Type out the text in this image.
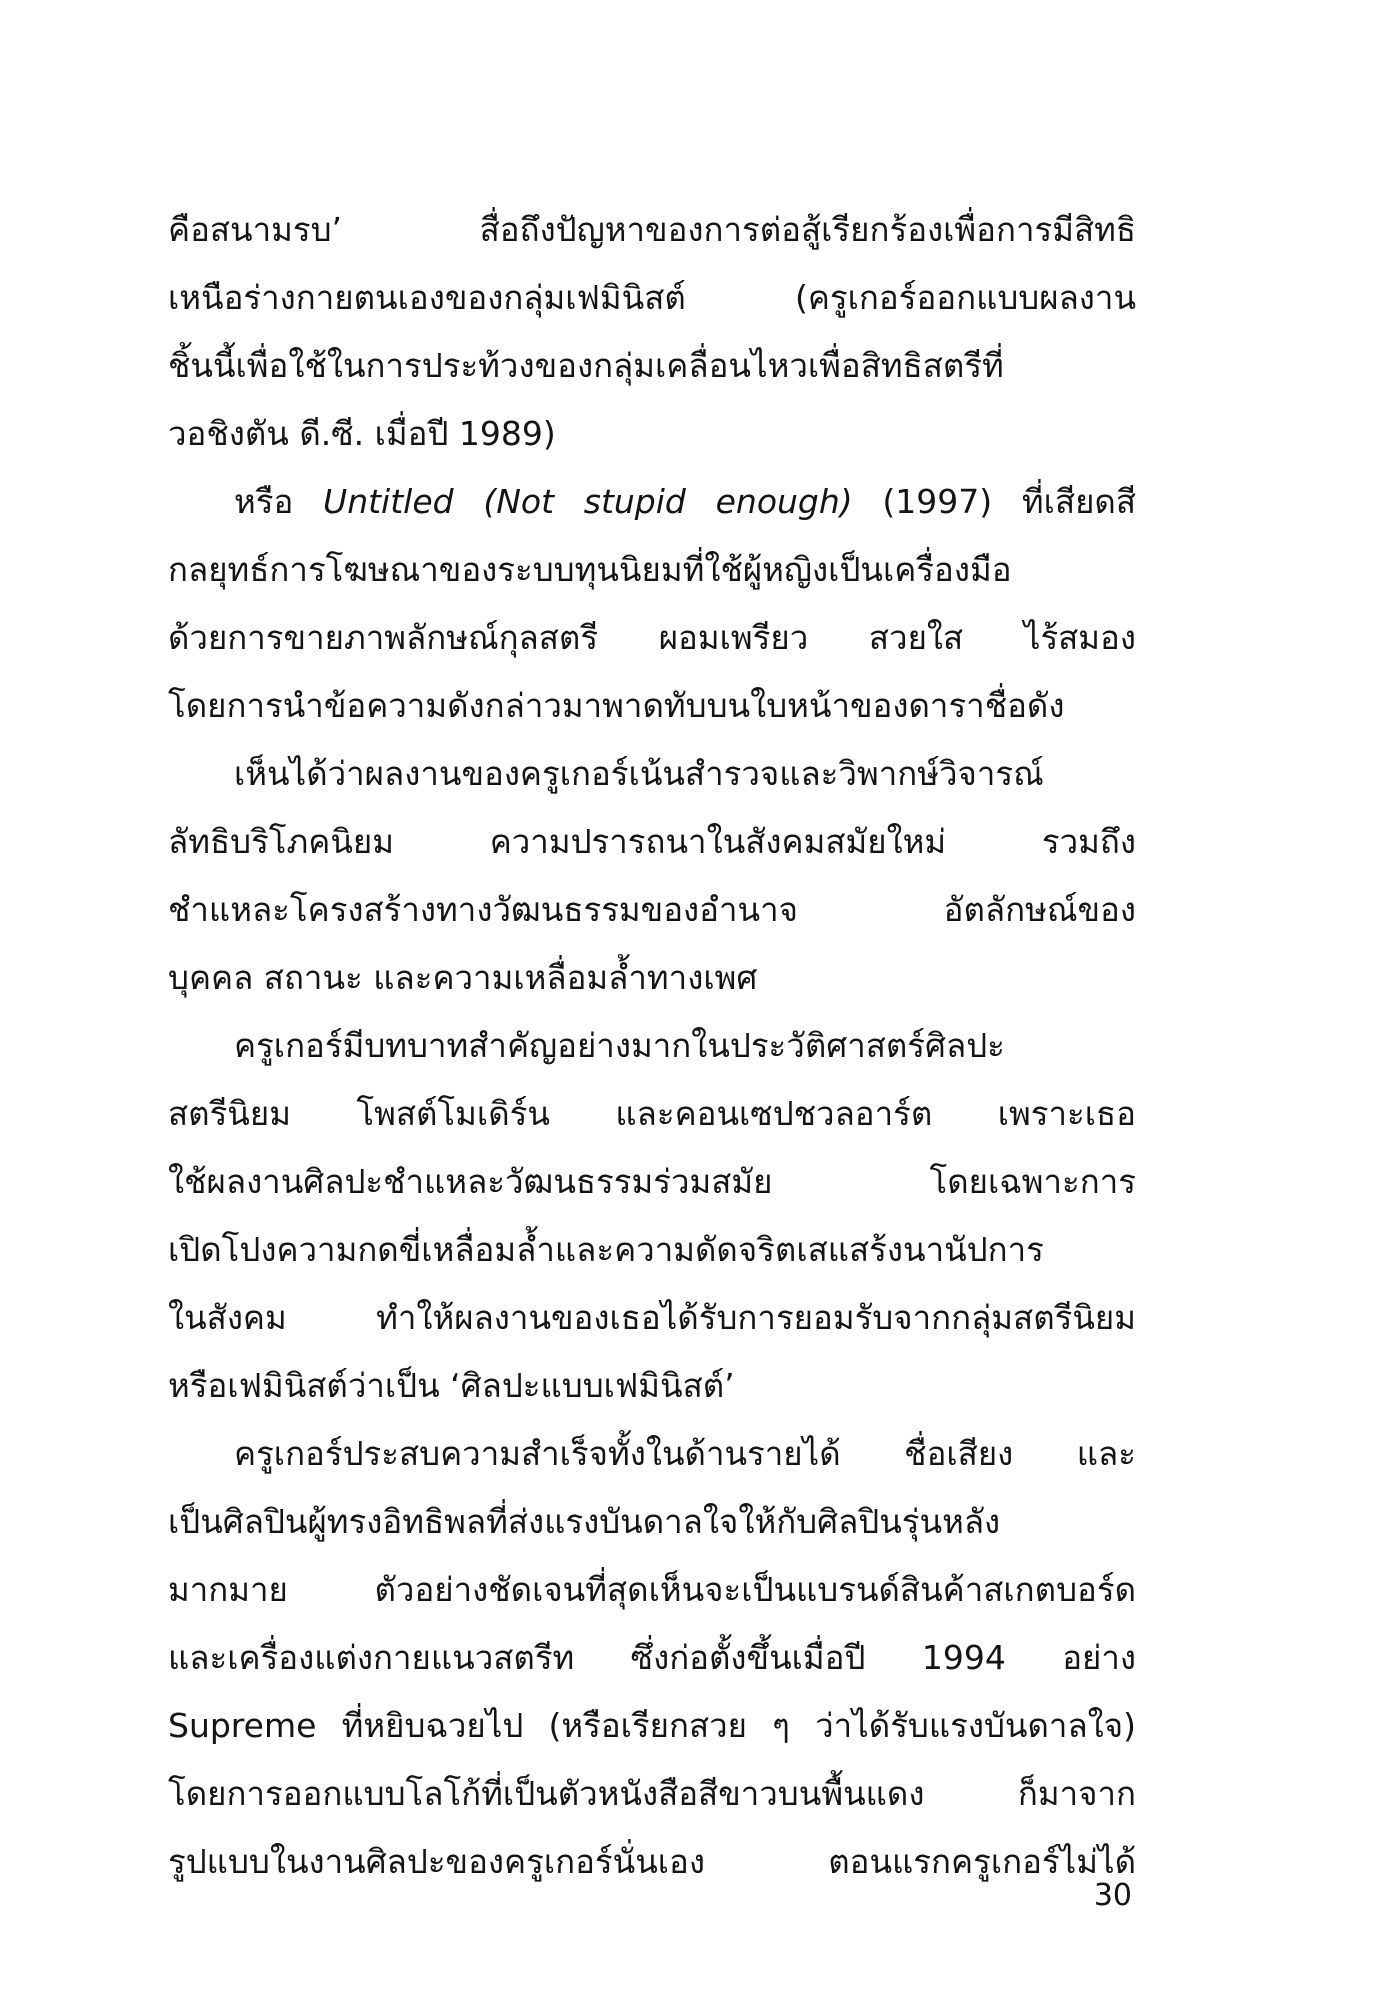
คือสนามรบ’ สื่อถึงปัญหาของการต่อสู้เรียกร้องเพื่อการมีสิทธิ
เหนือร่างกายตนเองของกลุ่มเฟมินิสต์ (ครูเกอร์ออกแบบผลงาน
ชิ้นนี้เพื่อใช้ในการประท้วงของกลุ่มเคลื่อนไหวเพื่อสิทธิสตรีที่
วอชิงตัน ดี.ซี. เมื่อปี 1989)
หรือ Untitled (Not stupid enough) (1997) ที่เสียดสี
กลยุทธ์การโฆษณาของระบบทุนนิยมที่ใช้ผู้หญิงเป็นเครื่องมือ
ด้วยการขายภาพลักษณ์กุลสตรี ผอมเพรียว สวยใส ไร้สมอง
โดยการนำข้อความดังกล่าวมาพาดทับบนใบหน้าของดาราชื่อดัง
เห็นได้ว่าผลงานของครูเกอร์เน้นสำรวจและวิพากษ์วิจารณ์
ลัทธิบริโภคนิยม ความปรารถนาในสังคมสมัยใหม่ รวมถึง
ชำแหละโครงสร้างทางวัฒนธรรมของอำนาจ อัตลักษณ์ของ
บุคคล สถานะ และความเหลื่อมล้ำทางเพศ
ครูเกอร์มีบทบาทสำคัญอย่างมากในประวัติศาสตร์ศิลปะ
สตรีนิยม โพสต์โมเดิร์น และคอนเซปชวลอาร์ต เพราะเธอ
ใช้ผลงานศิลปะชำแหละวัฒนธรรมร่วมสมัย โดยเฉพาะการ
เปิดโปงความกดขี่เหลื่อมล้ำและความดัดจริตเสแสร้งนานัปการ
ในสังคม ทำให้ผลงานของเธอได้รับการยอมรับจากกลุ่มสตรีนิยม
หรือเฟมินิสต์ว่าเป็น ‘ศิลปะแบบเฟมินิสต์’
ครูเกอร์ประสบความสำเร็จทั้งในด้านรายได้ ชื่อเสียง และ
เป็นศิลปินผู้ทรงอิทธิพลที่ส่งแรงบันดาลใจให้กับศิลปินรุ่นหลัง
มากมาย ตัวอย่างชัดเจนที่สุดเห็นจะเป็นแบรนด์สินค้าสเกตบอร์ด
และเครื่องแต่งกายแนวสตรีท ซึ่งก่อตั้งขึ้นเมื่อปี 1994 อย่าง
Supreme ที่หยิบฉวยไป (หรือเรียกสวย ๆ ว่าได้รับแรงบันดาลใจ)
โดยการออกแบบโลโก้ที่เป็นตัวหนังสือสีขาวบนพื้นแดง ก็มาจาก
รูปแบบในงานศิลปะของครูเกอร์นั่นเอง ตอนแรกครูเกอร์ไม่ได้
30
